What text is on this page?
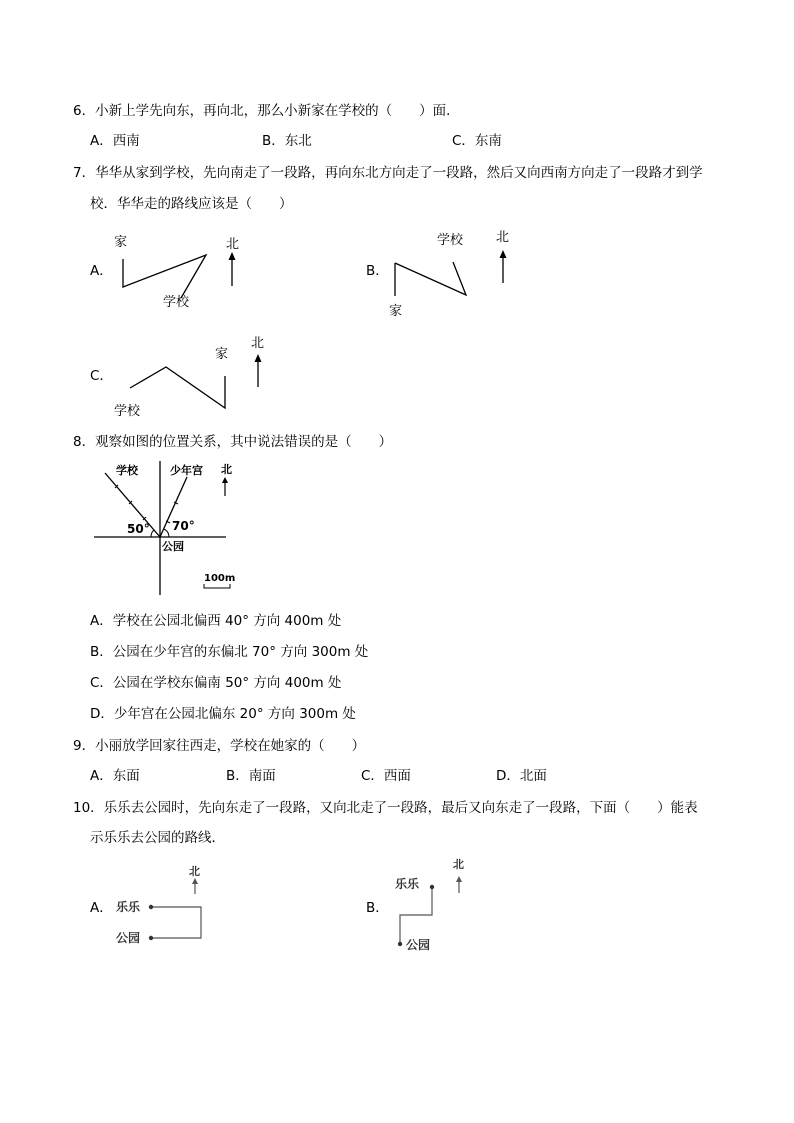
6．小新上学先向东，再向北，那么小新家在学校的（　　）面．
A．西南	B．东北	C．东南
7．华华从家到学校，先向南走了一段路，再向东北方向走了一段路，然后又向西南方向走了一段路才到学
校．华华走的路线应该是（　　）
A．
家
学校
北
B．
学校
家
北
C．
学校
家
北
8．观察如图的位置关系，其中说法错误的是（　　）
学校	少年宫 北
50° 70°
公园
100m
A．学校在公园北偏西 40° 方向 400m 处
B．公园在少年宫的东偏北 70° 方向 300m 处
C．公园在学校东偏南 50° 方向 400m 处
D．少年宫在公园北偏东 20° 方向 300m 处
9．小丽放学回家往西走，学校在她家的（　　）
A．东面	B．南面	C．西面	D．北面
10．乐乐去公园时，先向东走了一段路，又向北走了一段路，最后又向东走了一段路，下面（　　）能表
示乐乐去公园的路线．
A． 乐乐
公园
北
B．
乐乐
公园
北
